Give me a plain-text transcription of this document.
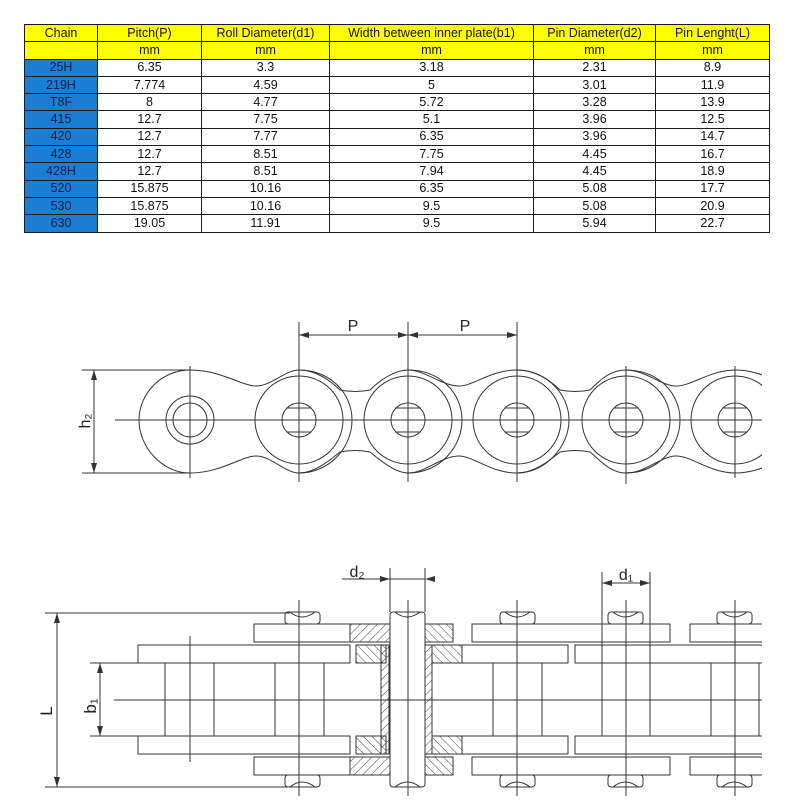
Chain	Pitch(P)	Roll Diameter(d1)	Width between inner plate(b1)	Pin Diameter(d2)	Pin Lenght(L)
	mm	mm	mm	mm	mm
25H	6.35	3.3	3.18	2.31	8.9
219H	7.774	4.59	5	3.01	11.9
T8F	8	4.77	5.72	3.28	13.9
415	12.7	7.75	5.1	3.96	12.5
420	12.7	7.77	6.35	3.96	14.7
428	12.7	8.51	7.75	4.45	16.7
428H	12.7	8.51	7.94	4.45	18.9
520	15.875	10.16	6.35	5.08	17.7
530	15.875	10.16	9.5	5.08	20.9
630	19.05	11.91	9.5	5.94	22.7
P	P
h₂
L b₁
d₂	d₁
